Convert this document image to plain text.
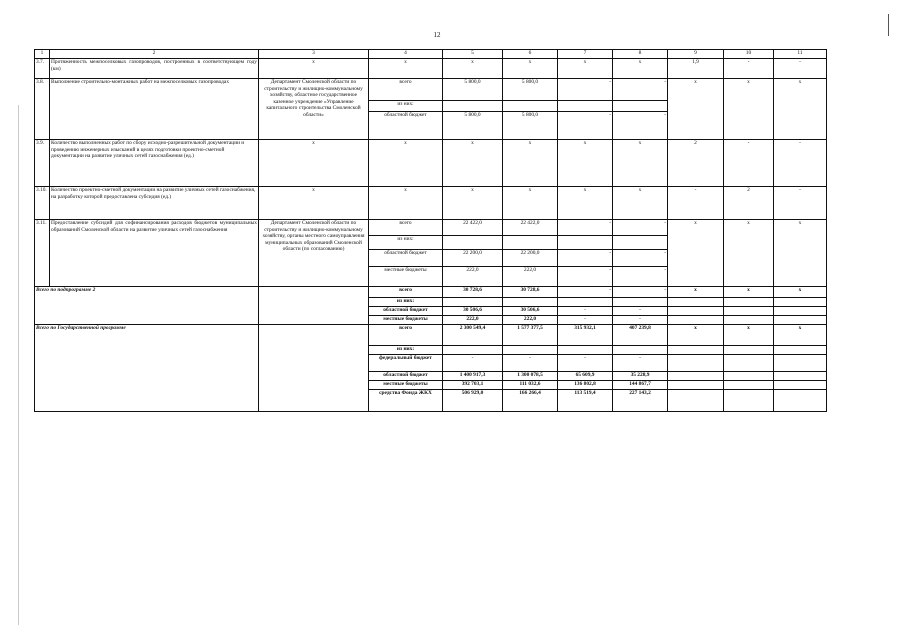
12
1	2	3	4	5	6	7	8	9	10	11
3.7.	Протяженность межпоселковых газопроводов, построенных в соответствующем году (км)	x	x	x	x	x	x	1,9	-	-
3.8.	Выполнение строительно-монтажных работ на межпоселковых газопроводах	Департамент Смоленской области по строительству и жилищно-коммунальному хозяйству, областное государственное казенное учреждение «Управление капитального строительства Смоленской области»	всего	5 800,0	5 800,0	-	-	x	x	x
			из них:							
			областной бюджет	5 800,0	5 800,0	-	-			
3.9.	Количество выполненных работ по сбору исходно-разрешительной документации и проведению инженерных изысканий в целях подготовки проектно-сметной документации на развитие уличных сетей газоснабжения (ед.)	x	x	x	x	x	x	2	-	-
3.10.	Количество проектно-сметной документации на развитие уличных сетей газоснабжения, на разработку которой предоставлена субсидия (ед.)	x	x	x	x	x	x	-	2	-
3.11.	Предоставление субсидий для софинансирования расходов бюджетов муниципальных образований Смоленской области на развитие уличных сетей газоснабжения	Департамент Смоленской области по строительству и жилищно-коммунальному хозяйству, органы местного самоуправления муниципальных образований Смоленской области (по согласованию)	всего	22 422,0	22 422,0	-	-	x	x	x
			из них:							
			областной бюджет	22 200,0	22 200,0	-	-			
			местные бюджеты	222,0	222,0	-	-			
Всего по подпрограмме 2			всего	30 728,6	30 728,6	-	-	x	x	x
			из них:							
			областной бюджет	30 506,6	30 506,6	-	-			
			местные бюджеты	222,0	222,0	-	-			
Всего по Государственной программе			всего	2 300 549,4	1 577 377,5	315 932,1	407 239,8	x	x	x
			из них:							
			федеральный бюджет	-	-	-	-			
			областной бюджет	1 400 917,3	1 300 078,5	65 609,9	35 228,9			
			местные бюджеты	392 703,1	111 032,6	136 802,8	144 867,7			
			средства Фонда ЖКХ	506 929,0	166 266,4	113 519,4	227 143,2			
